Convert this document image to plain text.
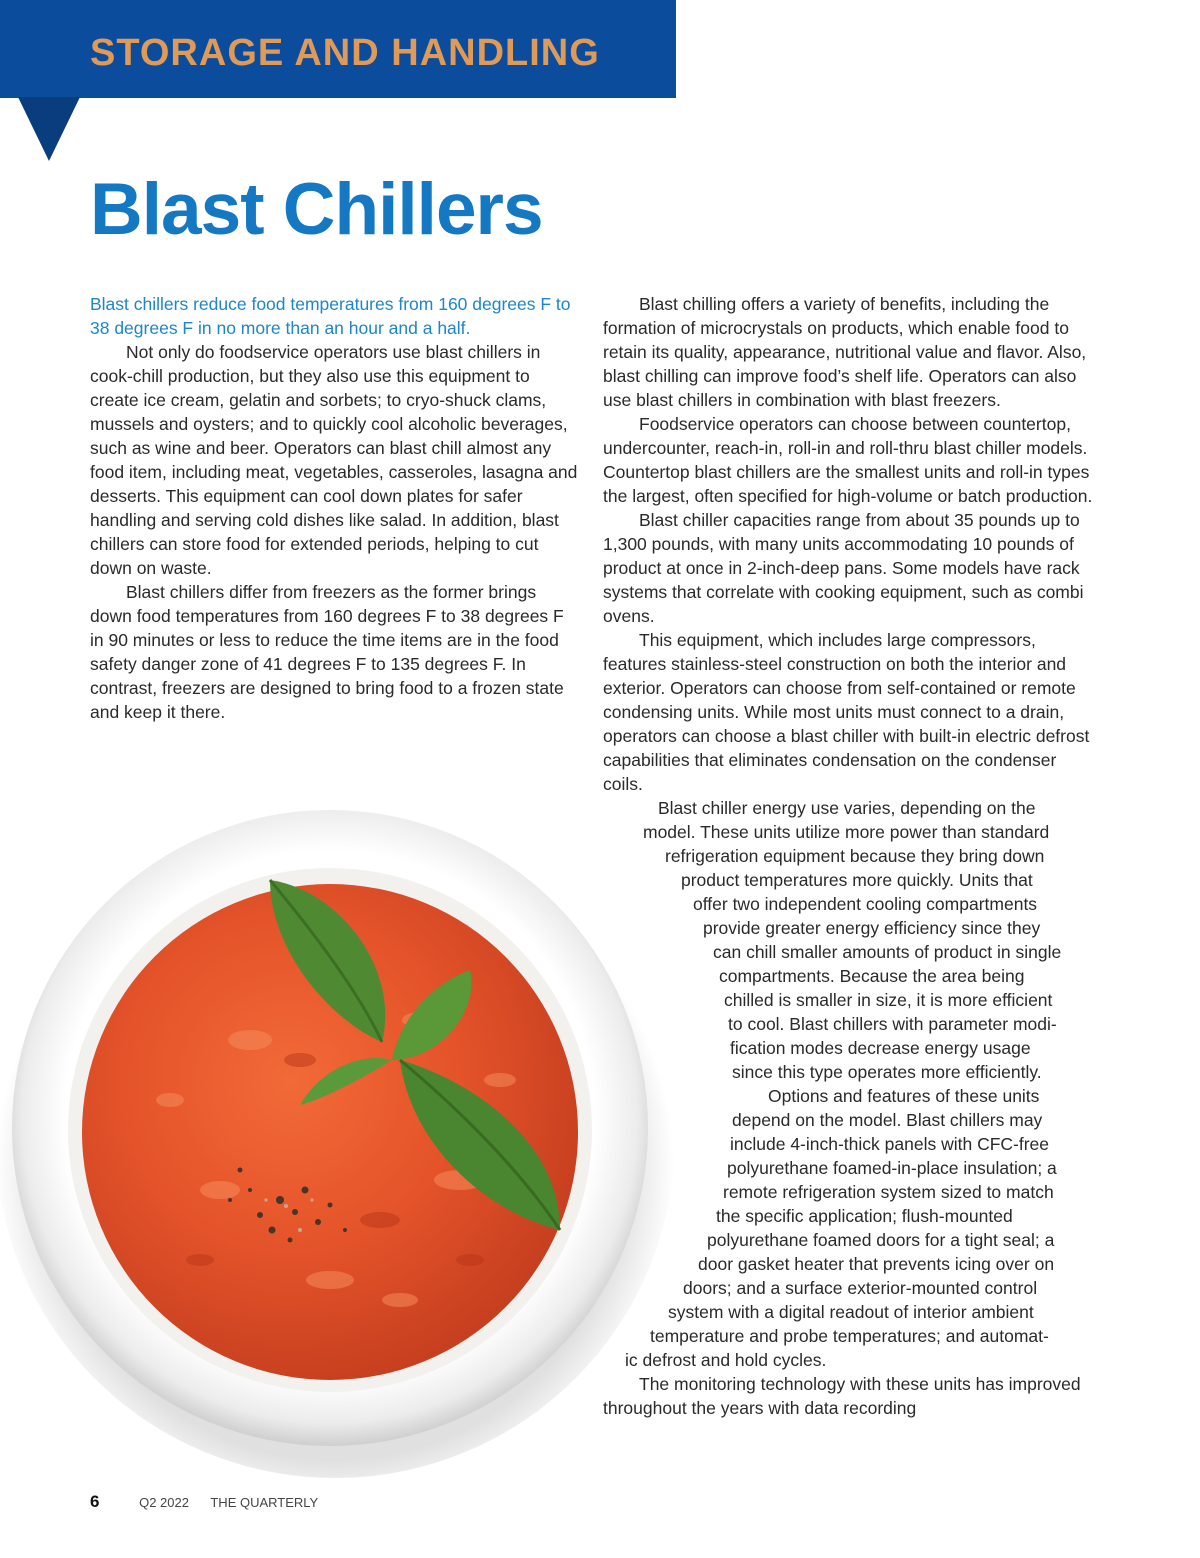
STORAGE AND HANDLING
Blast Chillers

Blast chillers reduce food temperatures from 160 degrees F to 38 degrees F in no more than an hour and a half.

Not only do foodservice operators use blast chillers in cook-chill production, but they also use this equipment to create ice cream, gelatin and sorbets; to cryo-shuck clams, mussels and oysters; and to quickly cool alcoholic beverages, such as wine and beer. Operators can blast chill almost any food item, including meat, vegetables, casseroles, lasagna and desserts. This equipment can cool down plates for safer handling and serving cold dishes like salad. In addition, blast chillers can store food for extended periods, helping to cut down on waste.

Blast chillers differ from freezers as the former brings down food temperatures from 160 degrees F to 38 degrees F in 90 minutes or less to reduce the time items are in the food safety danger zone of 41 degrees F to 135 degrees F. In contrast, freezers are designed to bring food to a frozen state and keep it there.

Blast chilling offers a variety of benefits, including the formation of microcrystals on products, which enable food to retain its quality, appearance, nutritional value and flavor. Also, blast chilling can improve food’s shelf life. Operators can also use blast chillers in combination with blast freezers.

Foodservice operators can choose between countertop, undercounter, reach-in, roll-in and roll-thru blast chiller models. Countertop blast chillers are the smallest units and roll-in types the largest, often specified for high-volume or batch production.

Blast chiller capacities range from about 35 pounds up to 1,300 pounds, with many units accommodating 10 pounds of product at once in 2-inch-deep pans. Some models have rack systems that correlate with cooking equipment, such as combi ovens.

This equipment, which includes large compressors, features stainless-steel construction on both the interior and exterior. Operators can choose from self-contained or remote condensing units. While most units must connect to a drain, operators can choose a blast chiller with built-in electric defrost capabilities that eliminates condensation on the condenser coils.

Blast chiller energy use varies, depending on the
model. These units utilize more power than standard
refrigeration equipment because they bring down
product temperatures more quickly. Units that
offer two independent cooling compartments
provide greater energy efficiency since they
can chill smaller amounts of product in single
compartments. Because the area being
chilled is smaller in size, it is more efficient
to cool. Blast chillers with parameter modi-
fication modes decrease energy usage
since this type operates more efficiently.
Options and features of these units
depend on the model. Blast chillers may
include 4-inch-thick panels with CFC-free
polyurethane foamed-in-place insulation; a
remote refrigeration system sized to match
the specific application; flush-mounted
polyurethane foamed doors for a tight seal; a
door gasket heater that prevents icing over on
doors; and a surface exterior-mounted control
system with a digital readout of interior ambient
temperature and probe temperatures; and automat-
ic defrost and hold cycles.

The monitoring technology with these units has improved throughout the years with data recording

6	Q2 2022 THE QUARTERLY
